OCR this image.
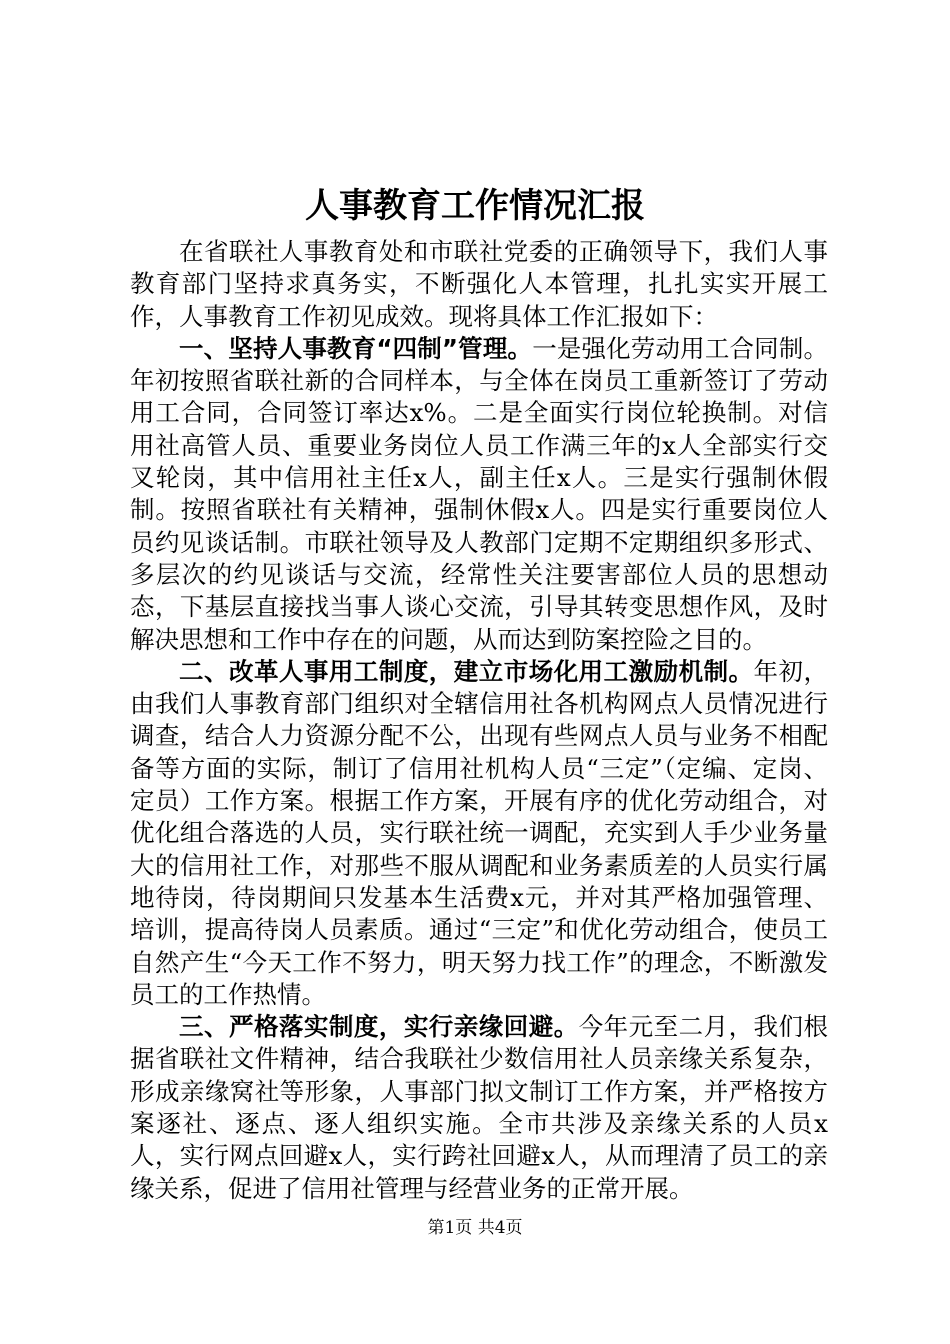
人事教育工作情况汇报

在省联社人事教育处和市联社党委的正确领导下，我们人事教育部门坚持求真务实，不断强化人本管理，扎扎实实开展工作，人事教育工作初见成效。现将具体工作汇报如下：

一、坚持人事教育“四制”管理。一是强化劳动用工合同制。年初按照省联社新的合同样本，与全体在岗员工重新签订了劳动用工合同，合同签订率达x%。二是全面实行岗位轮换制。对信用社高管人员、重要业务岗位人员工作满三年的x人全部实行交叉轮岗，其中信用社主任x人，副主任x人。三是实行强制休假制。按照省联社有关精神，强制休假x人。四是实行重要岗位人员约见谈话制。市联社领导及人教部门定期不定期组织多形式、多层次的约见谈话与交流，经常性关注要害部位人员的思想动态，下基层直接找当事人谈心交流，引导其转变思想作风，及时解决思想和工作中存在的问题，从而达到防案控险之目的。

二、改革人事用工制度，建立市场化用工激励机制。年初，由我们人事教育部门组织对全辖信用社各机构网点人员情况进行调查，结合人力资源分配不公，出现有些网点人员与业务不相配备等方面的实际，制订了信用社机构人员“三定”（定编、定岗、定员）工作方案。根据工作方案，开展有序的优化劳动组合，对优化组合落选的人员，实行联社统一调配，充实到人手少业务量大的信用社工作，对那些不服从调配和业务素质差的人员实行属地待岗，待岗期间只发基本生活费x元，并对其严格加强管理、培训，提高待岗人员素质。通过“三定”和优化劳动组合，使员工自然产生“今天工作不努力，明天努力找工作”的理念，不断激发员工的工作热情。

三、严格落实制度，实行亲缘回避。今年元至二月，我们根据省联社文件精神，结合我联社少数信用社人员亲缘关系复杂，形成亲缘窝社等形象，人事部门拟文制订工作方案，并严格按方案逐社、逐点、逐人组织实施。全市共涉及亲缘关系的人员x人，实行网点回避x人，实行跨社回避x人，从而理清了员工的亲缘关系，促进了信用社管理与经营业务的正常开展。

第1页 共4页
